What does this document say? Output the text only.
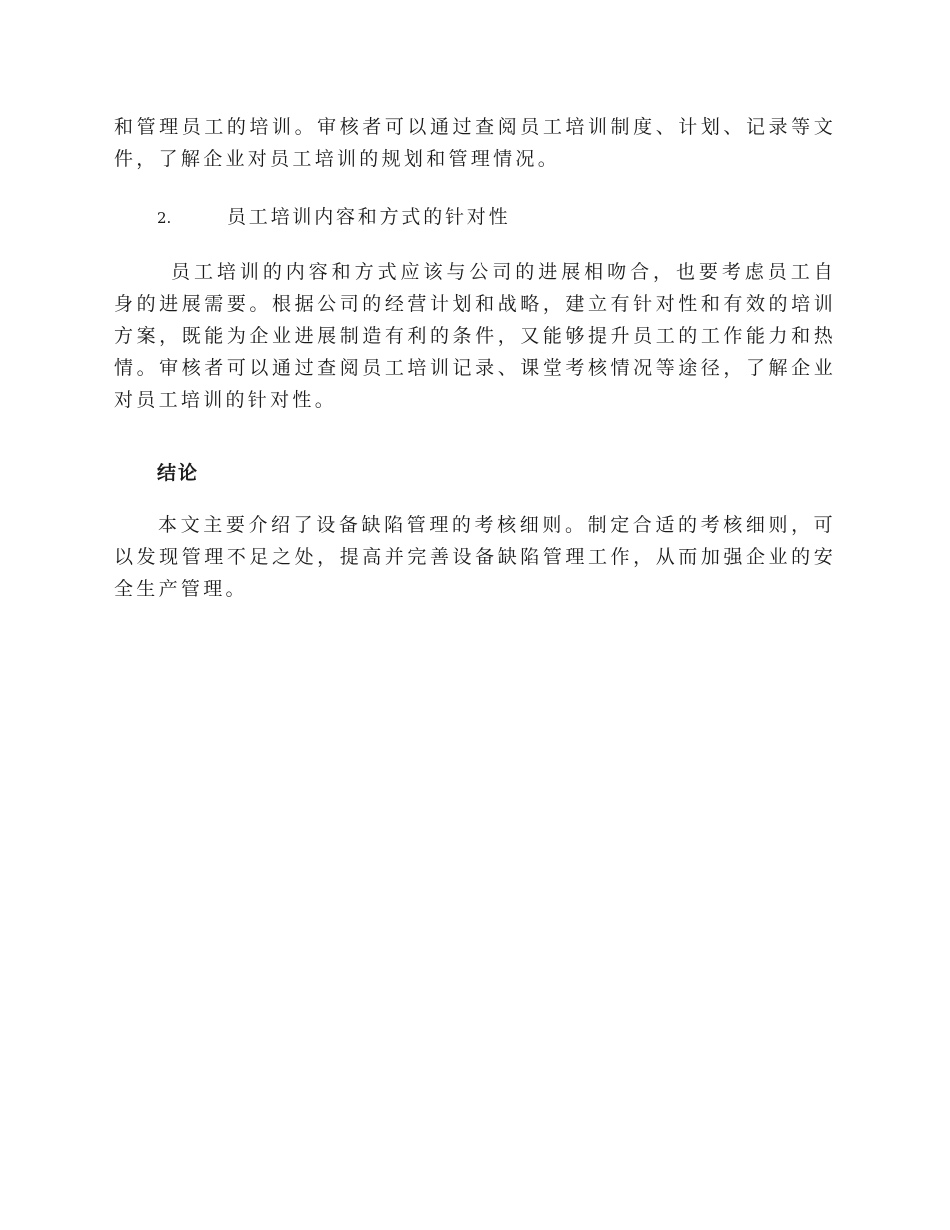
和管理员工的培训。审核者可以通过查阅员工培训制度、计划、记录等文件，了解企业对员工培训的规划和管理情况。

2.	员工培训内容和方式的针对性

员工培训的内容和方式应该与公司的进展相吻合，也要考虑员工自身的进展需要。根据公司的经营计划和战略，建立有针对性和有效的培训方案，既能为企业进展制造有利的条件，又能够提升员工的工作能力和热情。审核者可以通过查阅员工培训记录、课堂考核情况等途径，了解企业对员工培训的针对性。

结论

本文主要介绍了设备缺陷管理的考核细则。制定合适的考核细则，可以发现管理不足之处，提高并完善设备缺陷管理工作，从而加强企业的安全生产管理。
